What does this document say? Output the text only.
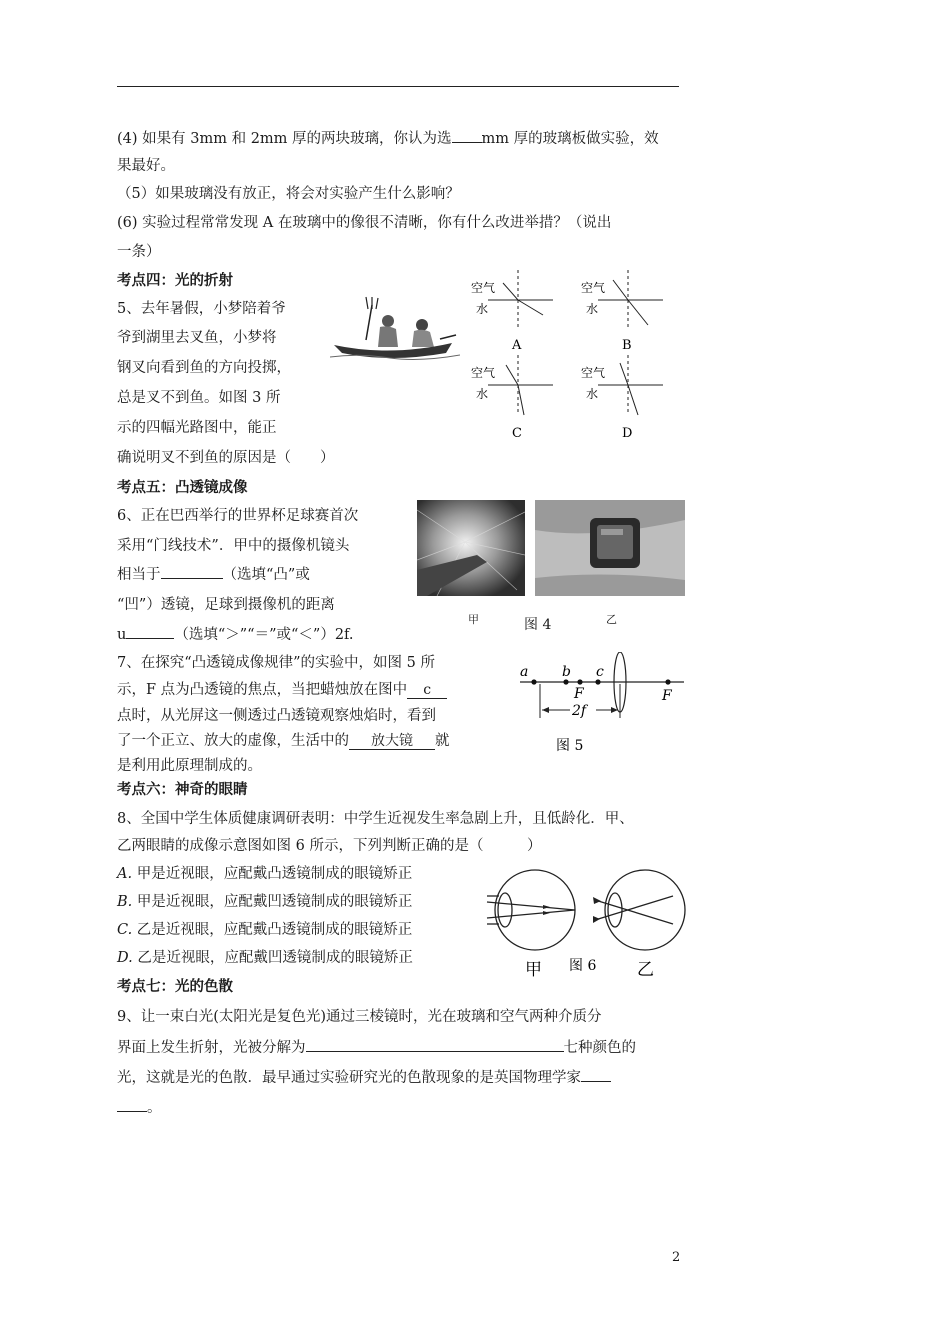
(4) 如果有 3mm 和 2mm 厚的两块玻璃，你认为选 mm 厚的玻璃板做实验，效
果最好。
（5）如果玻璃没有放正，将会对实验产生什么影响？
(6) 实验过程常常发现 A 在玻璃中的像很不清晰，你有什么改进举措？（说出
一条）
考点四：光的折射
5、去年暑假，小梦陪着爷
爷到湖里去叉鱼，小梦将
钢叉向看到鱼的方向投掷，
总是叉不到鱼。如图 3 所
示的四幅光路图中，能正
确说明叉不到鱼的原因是（　　）
空气
水
A
空气
水
B
空气
水
C
空气
水
D
考点五：凸透镜成像
6、正在巴西举行的世界杯足球赛首次
采用“门线技术”．甲中的摄像机镜头
相当于	（选填“凸”或
“凹”）透镜，足球到摄像机的距离
u	（选填“＞”“＝”或“＜”）2f.
甲	图 4	乙
7、在探究“凸透镜成像规律”的实验中，如图 5 所
示，F 点为凸透镜的焦点，当把蜡烛放在图中 c
点时，从光屏这一侧透过凸透镜观察烛焰时，看到
了一个正立、放大的虚像，生活中的 放大镜 就
是利用此原理制成的。
a b c
F	F
2f
图 5
考点六：神奇的眼睛
8、全国中学生体质健康调研表明：中学生近视发生率急剧上升，且低龄化．甲、
乙两眼睛的成像示意图如图 6 所示，下列判断正确的是（　　　）
A. 甲是近视眼，应配戴凸透镜制成的眼镜矫正
B. 甲是近视眼，应配戴凹透镜制成的眼镜矫正
C. 乙是近视眼，应配戴凸透镜制成的眼镜矫正
D. 乙是近视眼，应配戴凹透镜制成的眼镜矫正
甲 图 6 乙
考点七：光的色散
9、让一束白光(太阳光是复色光)通过三棱镜时，光在玻璃和空气两种介质分
界面上发生折射，光被分解为	七种颜色的
光，这就是光的色散．最早通过实验研究光的色散现象的是英国物理学家
。
2
